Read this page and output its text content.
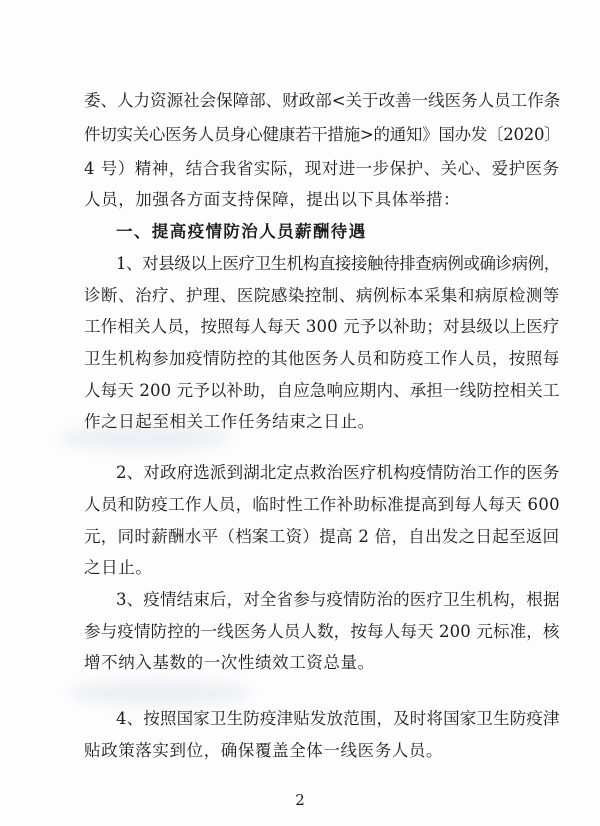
委、人力资源社会保障部、财政部<关于改善一线医务人员工作条
件切实关心医务人员身心健康若干措施>的通知》国办发〔2020〕
4 号）精神，结合我省实际，现对进一步保护、关心、爱护医务
人员，加强各方面支持保障，提出以下具体举措：
一、提高疫情防治人员薪酬待遇
1、对县级以上医疗卫生机构直接接触待排查病例或确诊病例，
诊断、治疗、护理、医院感染控制、病例标本采集和病原检测等
工作相关人员，按照每人每天 300 元予以补助；对县级以上医疗
卫生机构参加疫情防控的其他医务人员和防疫工作人员，按照每
人每天 200 元予以补助，自应急响应期内、承担一线防控相关工
作之日起至相关工作任务结束之日止。
2、对政府选派到湖北定点救治医疗机构疫情防治工作的医务
人员和防疫工作人员，临时性工作补助标准提高到每人每天 600
元，同时薪酬水平（档案工资）提高 2 倍，自出发之日起至返回
之日止。
3、疫情结束后，对全省参与疫情防治的医疗卫生机构，根据
参与疫情防控的一线医务人员人数，按每人每天 200 元标准，核
增不纳入基数的一次性绩效工资总量。
4、按照国家卫生防疫津贴发放范围，及时将国家卫生防疫津
贴政策落实到位，确保覆盖全体一线医务人员。
2
